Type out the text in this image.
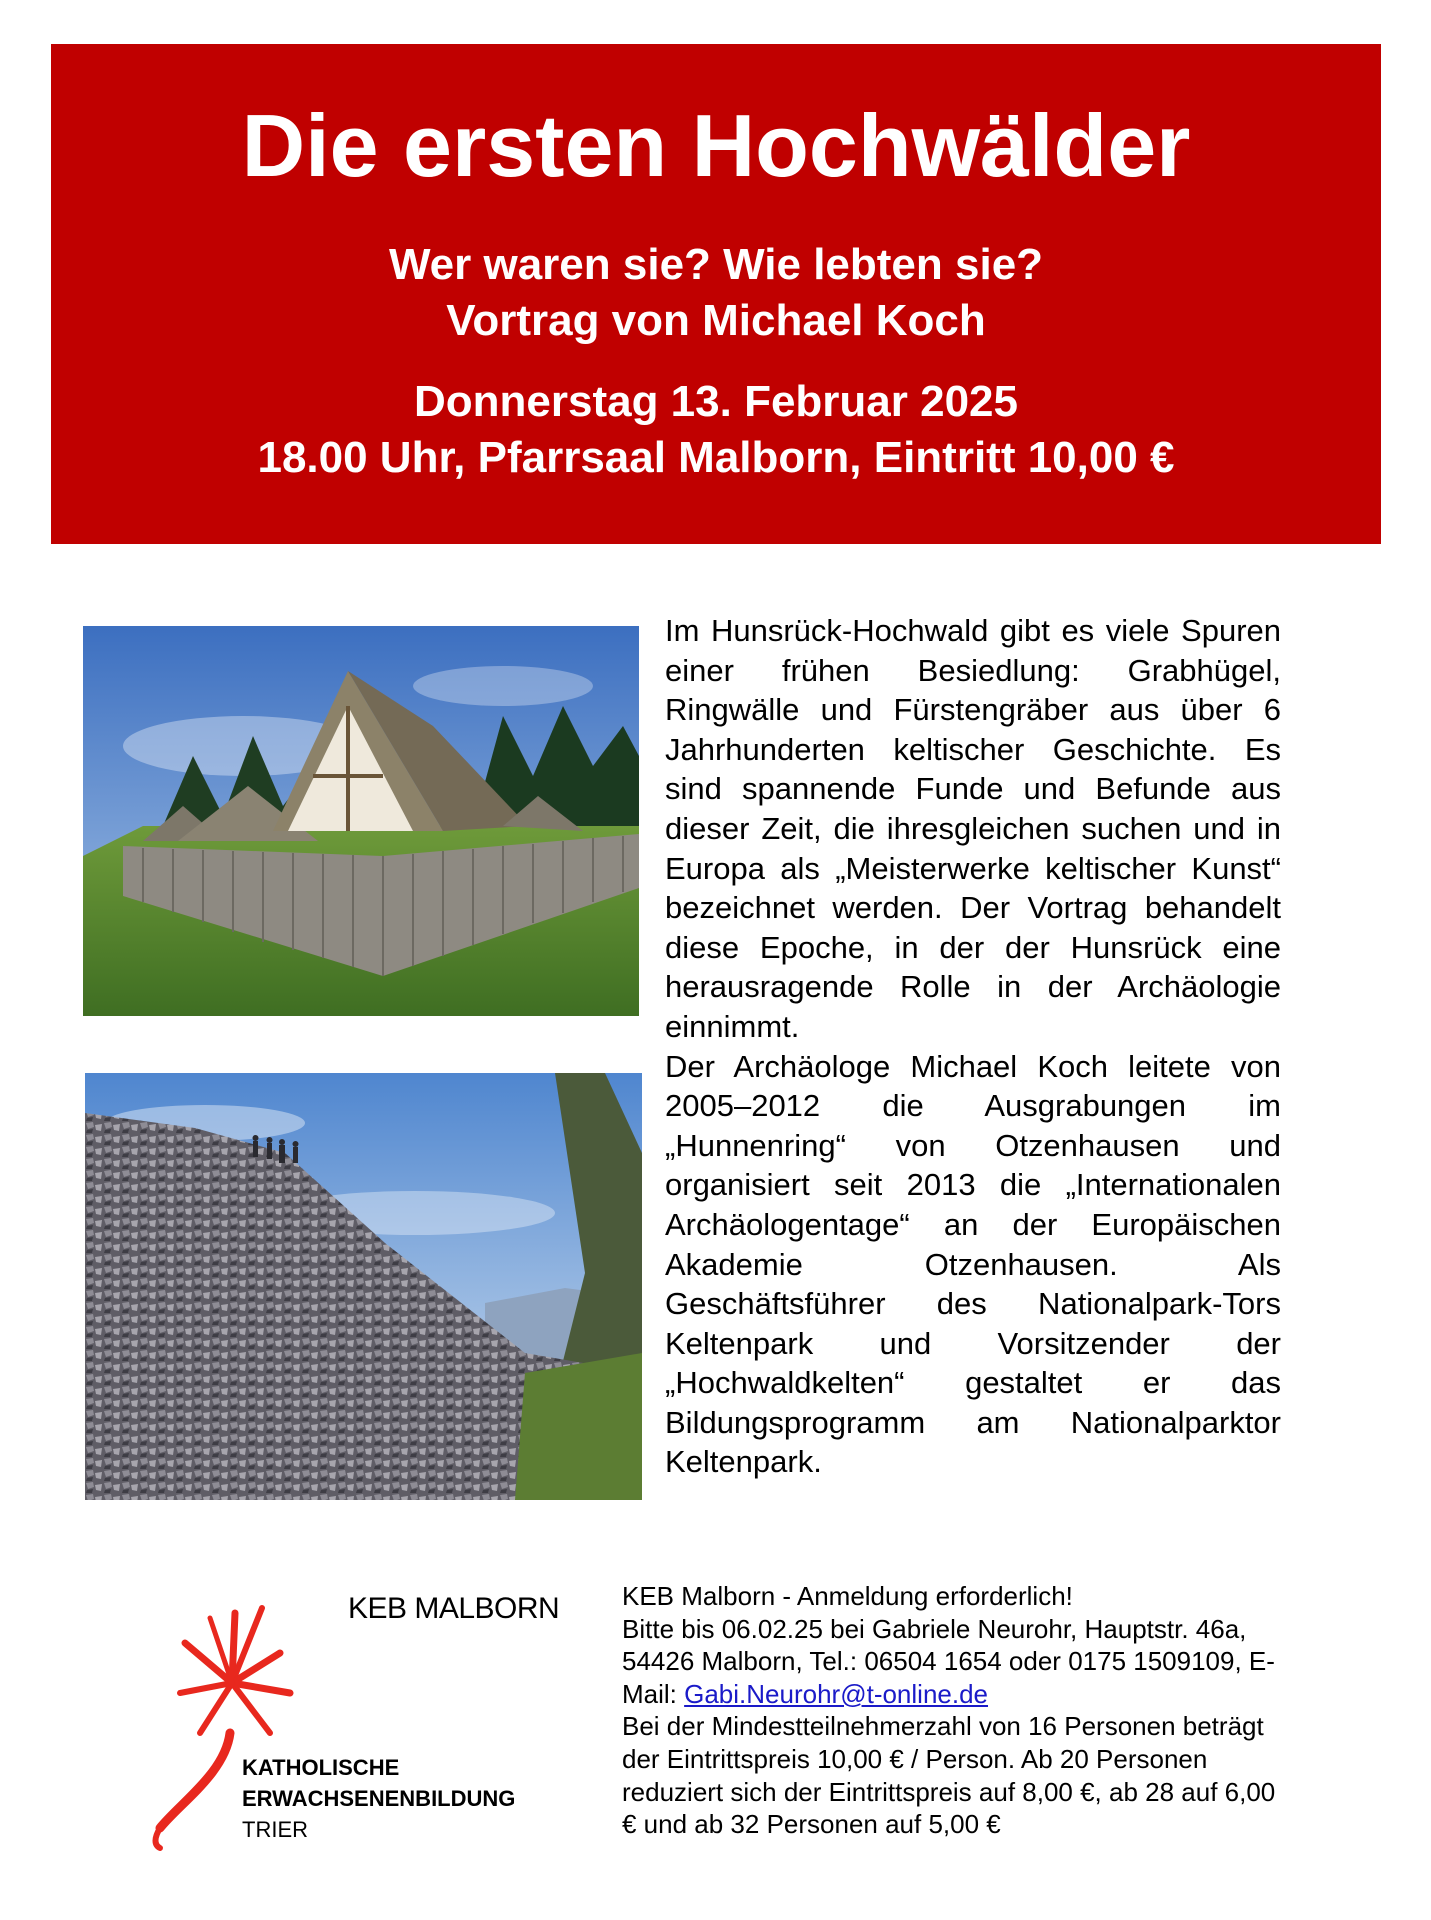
Die ersten Hochwälder
Wer waren sie? Wie lebten sie?
Vortrag von Michael Koch
Donnerstag 13. Februar 2025
18.00 Uhr, Pfarrsaal Malborn, Eintritt 10,00 €

Im Hunsrück-Hochwald gibt es viele Spuren einer frühen Besiedlung: Grabhügel, Ringwälle und Fürstengräber aus über 6 Jahrhunderten keltischer Geschichte. Es sind spannende Funde und Befunde aus dieser Zeit, die ihresgleichen suchen und in Europa als „Meisterwerke keltischer Kunst“ bezeichnet werden. Der Vortrag behandelt diese Epoche, in der der Hunsrück eine herausragende Rolle in der Archäologie einnimmt.

Der Archäologe Michael Koch leitete von 2005–2012 die Ausgrabungen im „Hunnenring“ von Otzenhausen und organisiert seit 2013 die „Internationalen Archäologentage“ an der Europäischen Akademie Otzenhausen. Als Geschäftsführer des Nationalpark-Tors Keltenpark und Vorsitzender der „Hochwaldkelten“ gestaltet er das Bildungsprogramm am Nationalparktor Keltenpark.

KEB MALBORN
KATHOLISCHE
ERWACHSENENBILDUNG
TRIER

KEB Malborn - Anmeldung erforderlich!

Bitte bis 06.02.25 bei Gabriele Neurohr, Hauptstr. 46a, 54426 Malborn, Tel.: 06504 1654 oder 0175 1509109, E-Mail: Gabi.Neurohr@t-online.de

Bei der Mindestteilnehmerzahl von 16 Personen beträgt der Eintrittspreis 10,00 € / Person. Ab 20 Personen reduziert sich der Eintrittspreis auf 8,00 €, ab 28 auf 6,00 € und ab 32 Personen auf 5,00 €
